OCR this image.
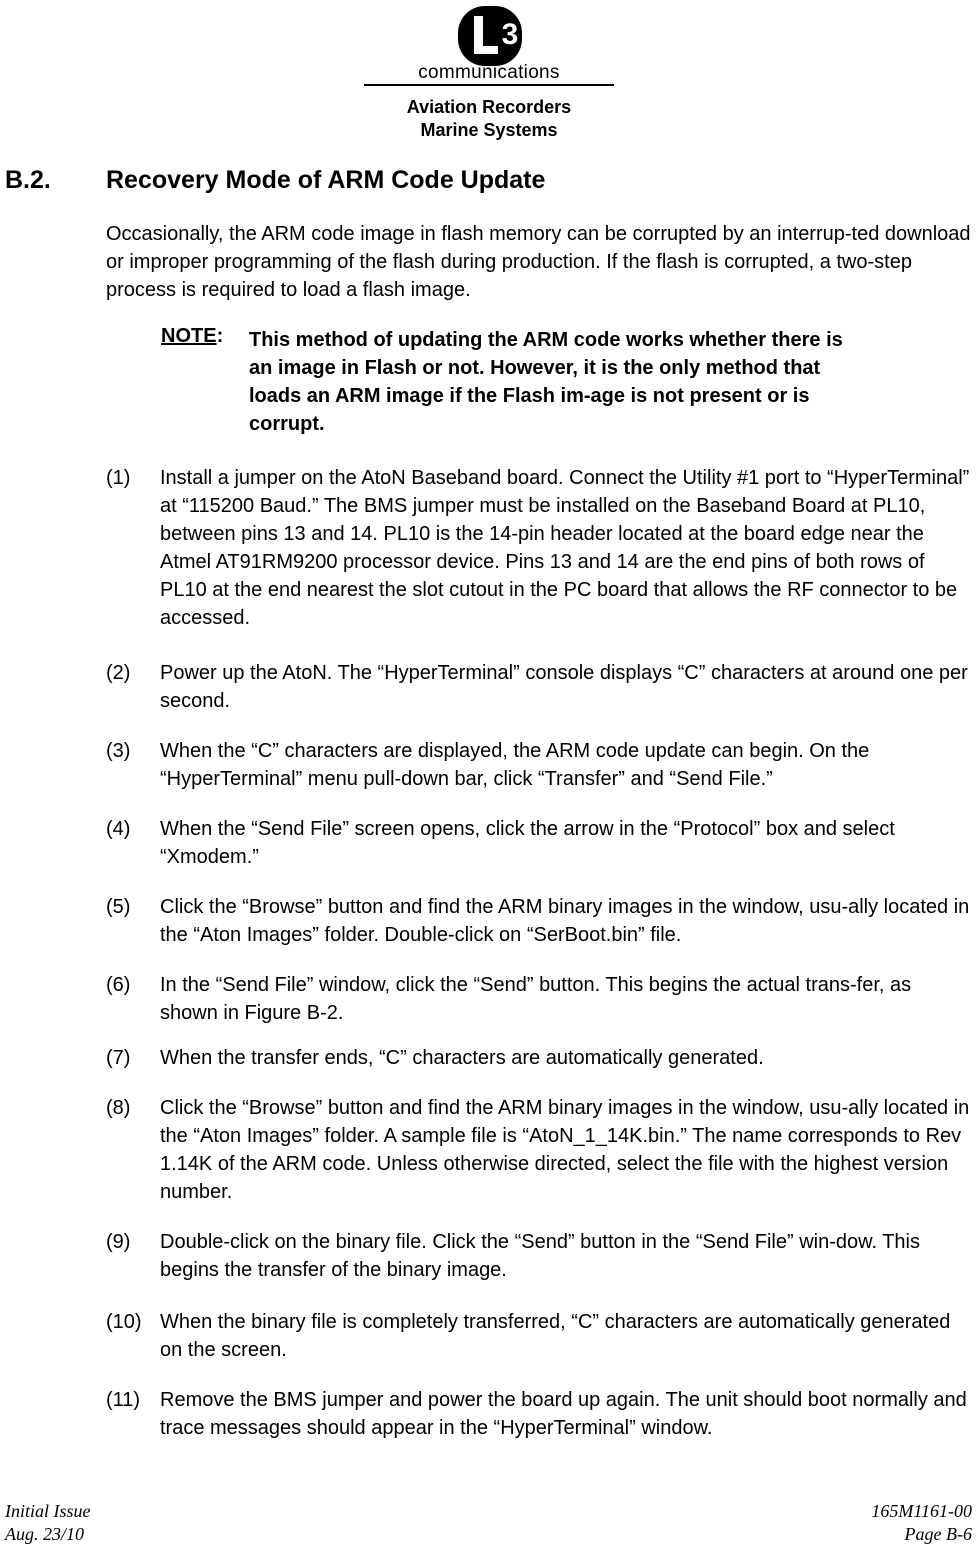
3
communications
Aviation Recorders
Marine Systems
B.2. Recovery Mode of ARM Code Update
Occasionally, the ARM code image in flash memory can be corrupted by an interrup-ted download or improper programming of the flash during production. If the flash is corrupted, a two-step process is required to load a flash image.
NOTE: This method of updating the ARM code works whether there is an image in Flash or not. However, it is the only method that loads an ARM image if the Flash im-age is not present or is corrupt.
(1) Install a jumper on the AtoN Baseband board. Connect the Utility #1 port to “HyperTerminal” at “115200 Baud.” The BMS jumper must be installed on the Baseband Board at PL10, between pins 13 and 14. PL10 is the 14-pin header located at the board edge near the Atmel AT91RM9200 processor device. Pins 13 and 14 are the end pins of both rows of PL10 at the end nearest the slot cutout in the PC board that allows the RF connector to be accessed.
(2) Power up the AtoN. The “HyperTerminal” console displays “C” characters at around one per second.
(3) When the “C” characters are displayed, the ARM code update can begin. On the “HyperTerminal” menu pull-down bar, click “Transfer” and “Send File.”
(4) When the “Send File” screen opens, click the arrow in the “Protocol” box and select “Xmodem.”
(5) Click the “Browse” button and find the ARM binary images in the window, usu-ally located in the “Aton Images” folder. Double-click on “SerBoot.bin” file.
(6) In the “Send File” window, click the “Send” button. This begins the actual trans-fer, as shown in Figure B-2.
(7) When the transfer ends, “C” characters are automatically generated.
(8) Click the “Browse” button and find the ARM binary images in the window, usu-ally located in the “Aton Images” folder. A sample file is “AtoN_1_14K.bin.” The name corresponds to Rev 1.14K of the ARM code. Unless otherwise directed, select the file with the highest version number.
(9) Double-click on the binary file. Click the “Send” button in the “Send File” win-dow. This begins the transfer of the binary image.
(10) When the binary file is completely transferred, “C” characters are automatically generated on the screen.
(11) Remove the BMS jumper and power the board up again. The unit should boot normally and trace messages should appear in the “HyperTerminal” window.
Initial Issue
Aug. 23/10
165M1161-00
Page B-6
